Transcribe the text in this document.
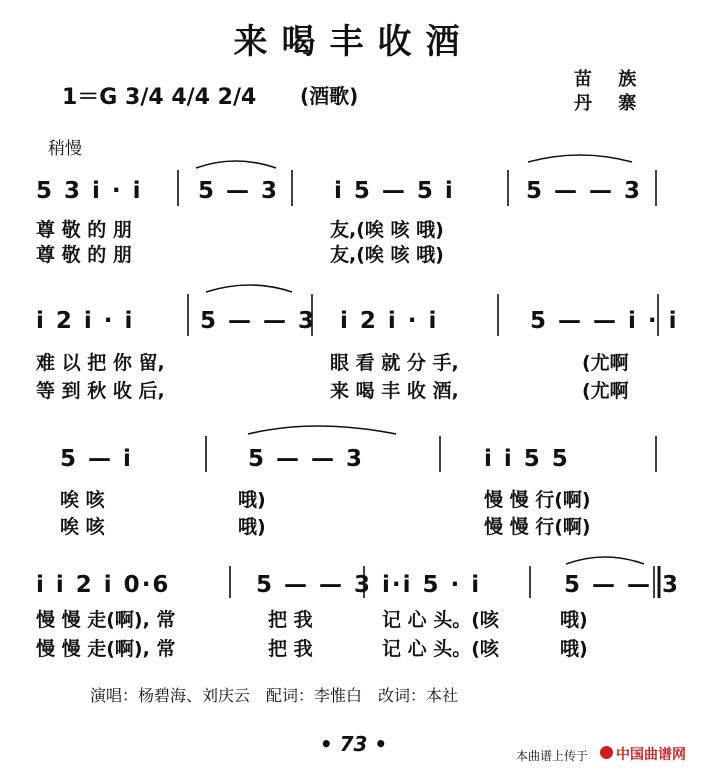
来喝丰收酒
1＝G 3/4 4/4 2/4 (酒歌)
苗 族
丹 寨
稍慢
5 3 i · i 5 — 3 i 5 — 5 i	5 — — 3
尊 敬 的 朋	友,(唉 咳 哦)
尊 敬 的 朋	友,(唉 咳 哦)
i 2 i · i	5 — — 3 i 2 i · i	5 — — i · i
难 以 把 你 留,	眼 看 就 分 手,	(尤啊
等 到 秋 收 后,	来 喝 丰 收 酒,	(尤啊
5 — i	5 — — 3	i i 5 5
唉 咳	哦)	慢 慢 行(啊)
唉 咳	哦)	慢 慢 行(啊)
i i 2 i 0·6	5 — — 3 i·i 5 · i	5 — — 3
慢 慢 走(啊), 常	把 我	记 心 头。(咳	哦)
慢 慢 走(啊), 常	把 我	记 心 头。(咳	哦)
演唱：杨碧海、刘庆云　配词：李惟白　改词：本社
• 73 •	本曲谱上传于 中国曲谱网
